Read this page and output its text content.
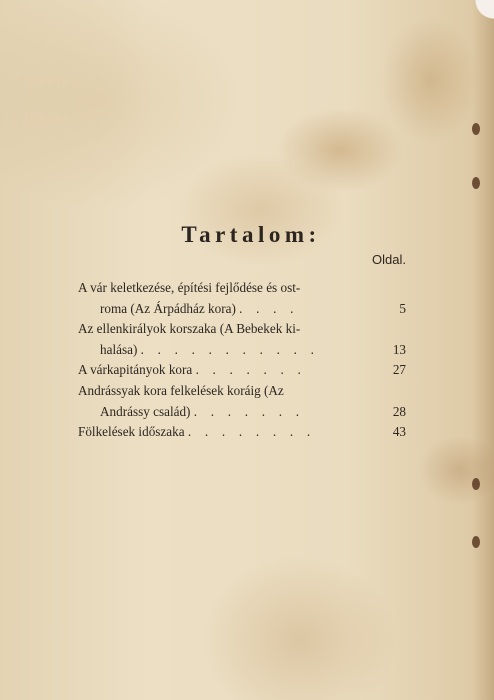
Tartalom:
Oldal.
A vár keletkezése, építési fejlődése és ost-
roma (Az Árpádház kora) . . . .	5
Az ellenkirályok korszaka (A Bebekek ki-
halása) . . . . . . . . . . .	13
A várkapitányok kora . . . . . . .	27
Andrássyak kora felkelések koráig (Az
Andrássy család) . . . . . . .	28
Fölkelések időszaka . . . . . . . .	43
